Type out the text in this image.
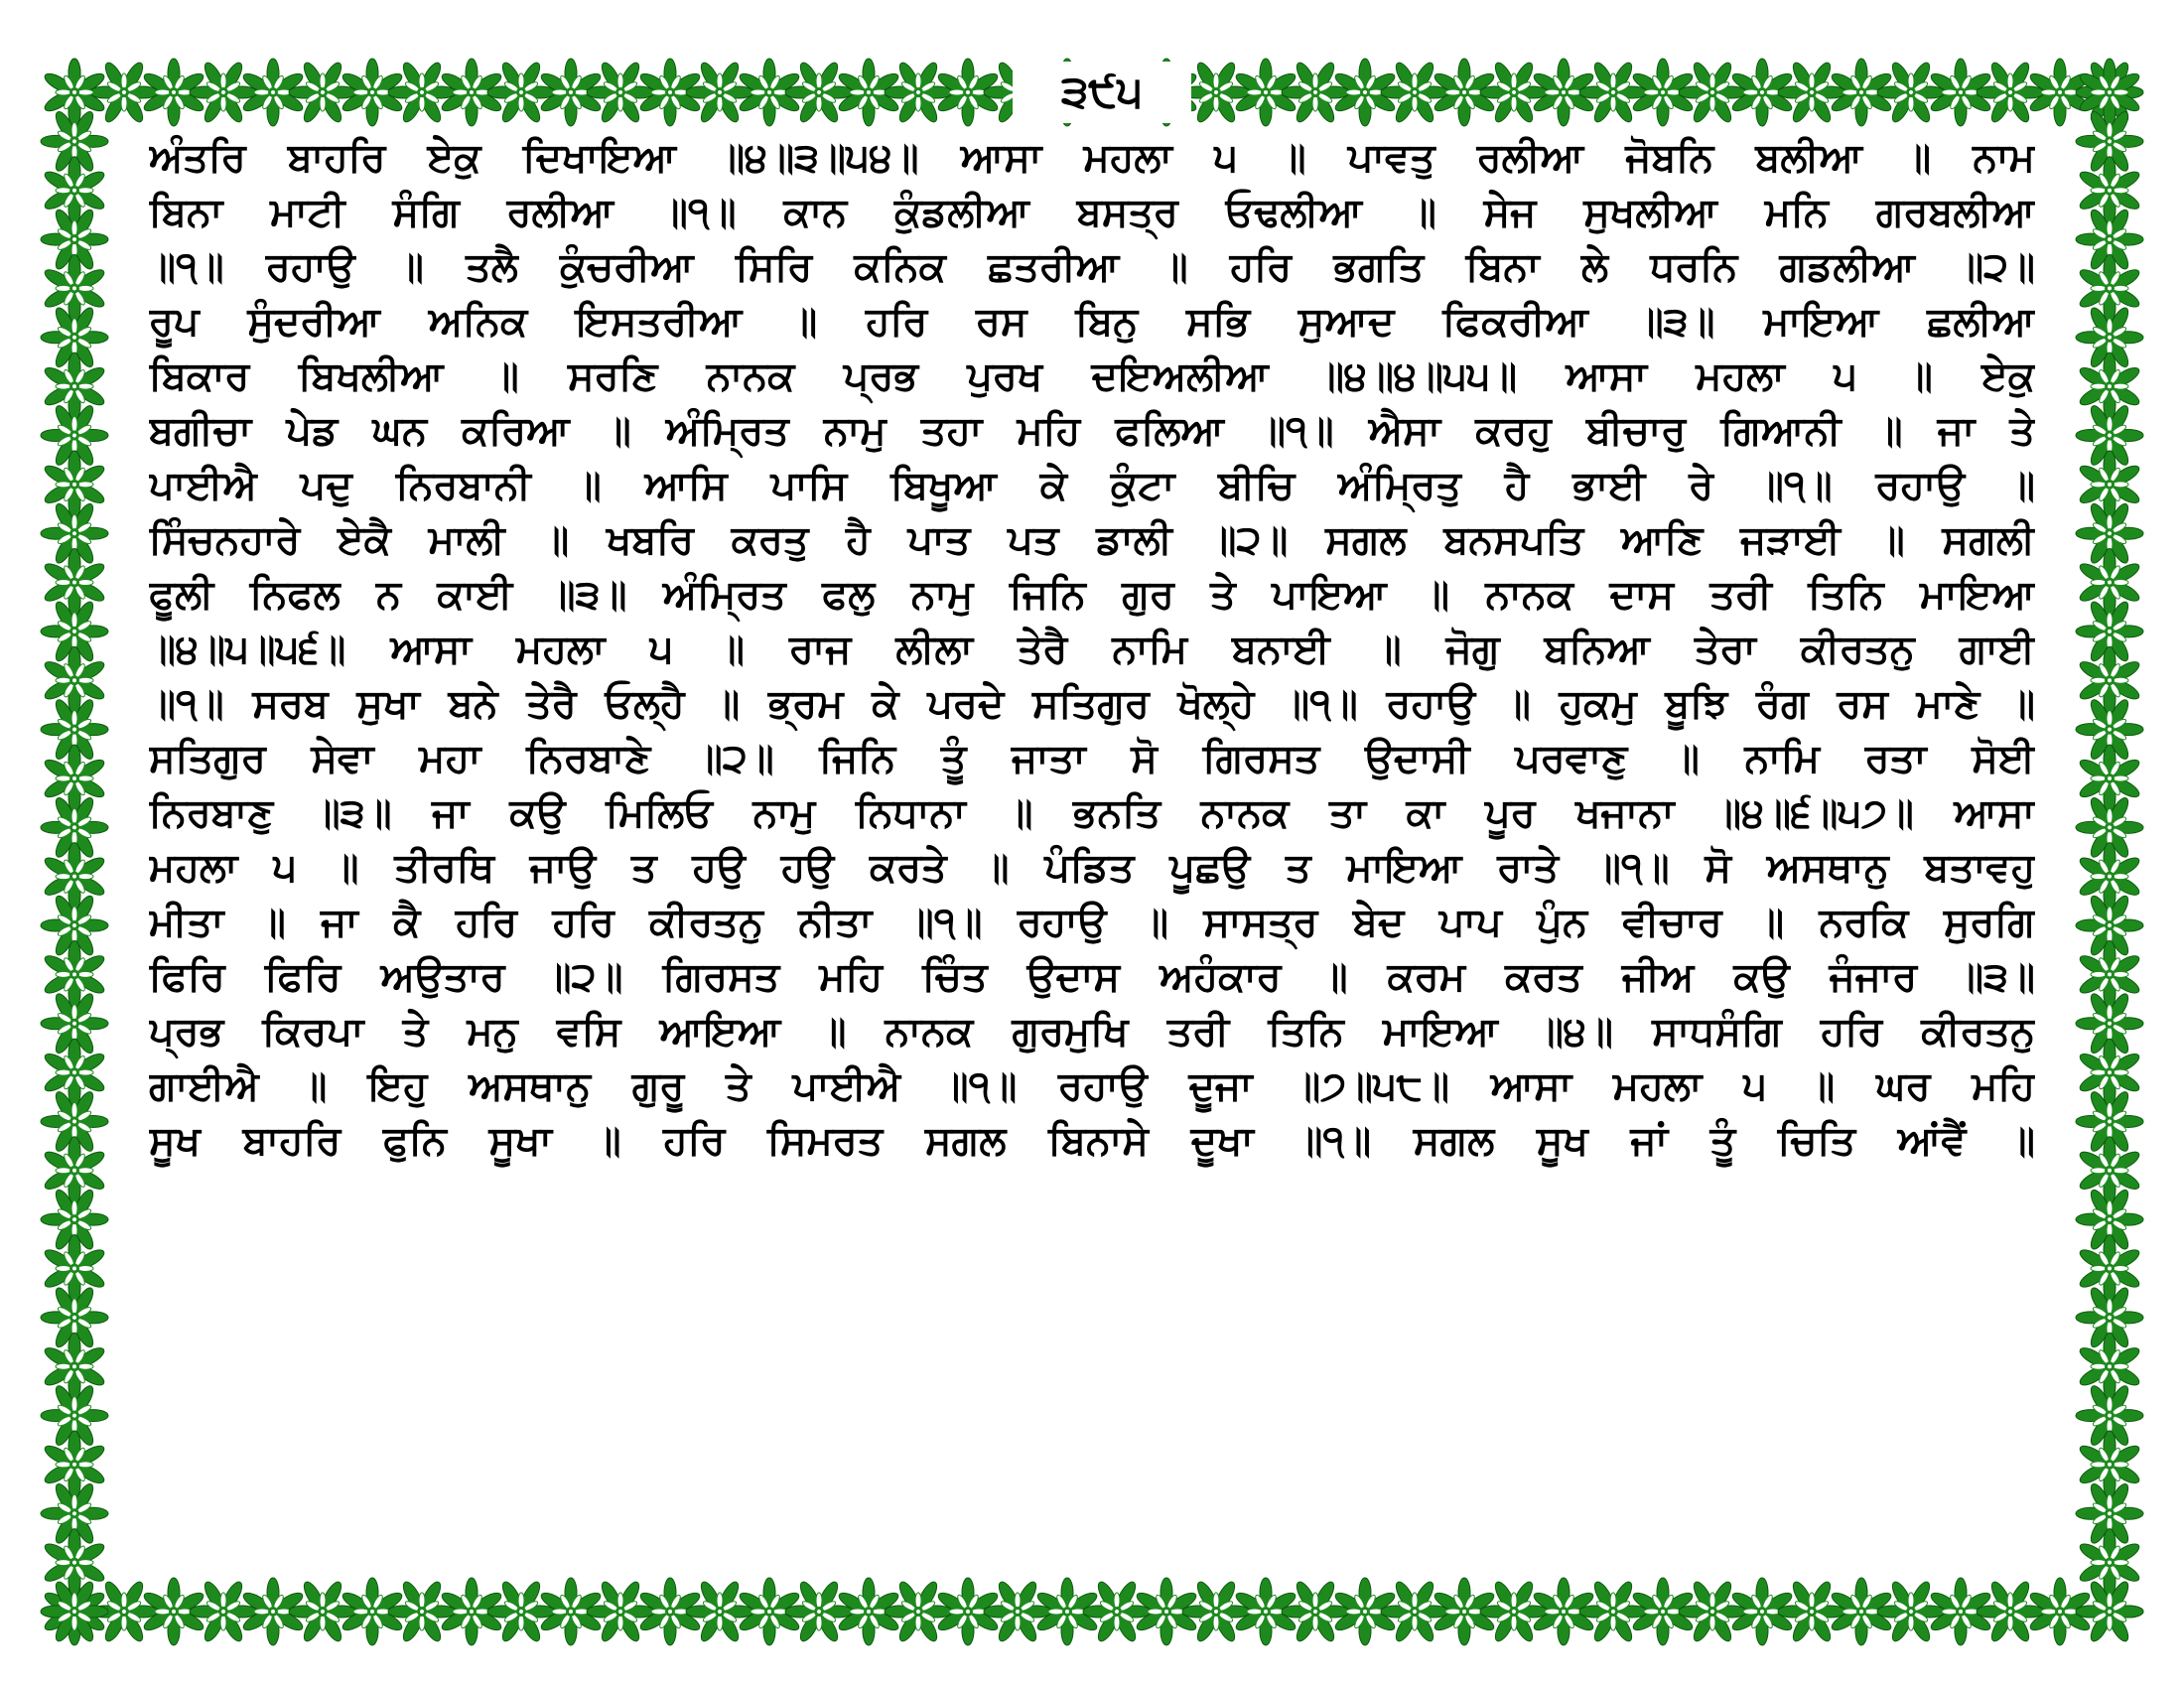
੩੯੫
ਅੰਤਰਿ ਬਾਹਰਿ ਏਕੁ ਦਿਖਾਇਆ ॥੪॥੩॥੫੪॥ ਆਸਾ ਮਹਲਾ ੫ ॥ ਪਾਵਤੁ ਰਲੀਆ ਜੋਬਨਿ ਬਲੀਆ ॥ ਨਾਮ
ਬਿਨਾ ਮਾਟੀ ਸੰਗਿ ਰਲੀਆ ॥੧॥ ਕਾਨ ਕੁੰਡਲੀਆ ਬਸਤ੍ਰ ਓਢਲੀਆ ॥ ਸੇਜ ਸੁਖਲੀਆ ਮਨਿ ਗਰਬਲੀਆ
॥੧॥ ਰਹਾਉ ॥ ਤਲੈ ਕੁੰਚਰੀਆ ਸਿਰਿ ਕਨਿਕ ਛਤਰੀਆ ॥ ਹਰਿ ਭਗਤਿ ਬਿਨਾ ਲੇ ਧਰਨਿ ਗਡਲੀਆ ॥੨॥
ਰੂਪ ਸੁੰਦਰੀਆ ਅਨਿਕ ਇਸਤਰੀਆ ॥ ਹਰਿ ਰਸ ਬਿਨੁ ਸਭਿ ਸੁਆਦ ਫਿਕਰੀਆ ॥੩॥ ਮਾਇਆ ਛਲੀਆ
ਬਿਕਾਰ ਬਿਖਲੀਆ ॥ ਸਰਣਿ ਨਾਨਕ ਪ੍ਰਭ ਪੁਰਖ ਦਇਅਲੀਆ ॥੪॥੪॥੫੫॥ ਆਸਾ ਮਹਲਾ ੫ ॥ ਏਕੁ
ਬਗੀਚਾ ਪੇਡ ਘਨ ਕਰਿਆ ॥ ਅੰਮ੍ਰਿਤ ਨਾਮੁ ਤਹਾ ਮਹਿ ਫਲਿਆ ॥੧॥ ਐਸਾ ਕਰਹੁ ਬੀਚਾਰੁ ਗਿਆਨੀ ॥ ਜਾ ਤੇ
ਪਾਈਐ ਪਦੁ ਨਿਰਬਾਨੀ ॥ ਆਸਿ ਪਾਸਿ ਬਿਖੂਆ ਕੇ ਕੁੰਟਾ ਬੀਚਿ ਅੰਮ੍ਰਿਤੁ ਹੈ ਭਾਈ ਰੇ ॥੧॥ ਰਹਾਉ ॥
ਸਿੰਚਨਹਾਰੇ ਏਕੈ ਮਾਲੀ ॥ ਖਬਰਿ ਕਰਤੁ ਹੈ ਪਾਤ ਪਤ ਡਾਲੀ ॥੨॥ ਸਗਲ ਬਨਸਪਤਿ ਆਣਿ ਜੜਾਈ ॥ ਸਗਲੀ
ਫੂਲੀ ਨਿਫਲ ਨ ਕਾਈ ॥੩॥ ਅੰਮ੍ਰਿਤ ਫਲੁ ਨਾਮੁ ਜਿਨਿ ਗੁਰ ਤੇ ਪਾਇਆ ॥ ਨਾਨਕ ਦਾਸ ਤਰੀ ਤਿਨਿ ਮਾਇਆ
॥੪॥੫॥੫੬॥ ਆਸਾ ਮਹਲਾ ੫ ॥ ਰਾਜ ਲੀਲਾ ਤੇਰੈ ਨਾਮਿ ਬਨਾਈ ॥ ਜੋਗੁ ਬਨਿਆ ਤੇਰਾ ਕੀਰਤਨੁ ਗਾਈ
॥੧॥ ਸਰਬ ਸੁਖਾ ਬਨੇ ਤੇਰੈ ਓਲ੍ਹੈ ॥ ਭ੍ਰਮ ਕੇ ਪਰਦੇ ਸਤਿਗੁਰ ਖੋਲ੍ਹੇ ॥੧॥ ਰਹਾਉ ॥ ਹੁਕਮੁ ਬੂਝਿ ਰੰਗ ਰਸ ਮਾਣੇ ॥
ਸਤਿਗੁਰ ਸੇਵਾ ਮਹਾ ਨਿਰਬਾਣੇ ॥੨॥ ਜਿਨਿ ਤੂੰ ਜਾਤਾ ਸੋ ਗਿਰਸਤ ਉਦਾਸੀ ਪਰਵਾਣੁ ॥ ਨਾਮਿ ਰਤਾ ਸੋਈ
ਨਿਰਬਾਣੁ ॥੩॥ ਜਾ ਕਉ ਮਿਲਿਓ ਨਾਮੁ ਨਿਧਾਨਾ ॥ ਭਨਤਿ ਨਾਨਕ ਤਾ ਕਾ ਪੂਰ ਖਜਾਨਾ ॥੪॥੬॥੫੭॥ ਆਸਾ
ਮਹਲਾ ੫ ॥ ਤੀਰਥਿ ਜਾਉ ਤ ਹਉ ਹਉ ਕਰਤੇ ॥ ਪੰਡਿਤ ਪੂਛਉ ਤ ਮਾਇਆ ਰਾਤੇ ॥੧॥ ਸੋ ਅਸਥਾਨੁ ਬਤਾਵਹੁ
ਮੀਤਾ ॥ ਜਾ ਕੈ ਹਰਿ ਹਰਿ ਕੀਰਤਨੁ ਨੀਤਾ ॥੧॥ ਰਹਾਉ ॥ ਸਾਸਤ੍ਰ ਬੇਦ ਪਾਪ ਪੁੰਨ ਵੀਚਾਰ ॥ ਨਰਕਿ ਸੁਰਗਿ
ਫਿਰਿ ਫਿਰਿ ਅਉਤਾਰ ॥੨॥ ਗਿਰਸਤ ਮਹਿ ਚਿੰਤ ਉਦਾਸ ਅਹੰਕਾਰ ॥ ਕਰਮ ਕਰਤ ਜੀਅ ਕਉ ਜੰਜਾਰ ॥੩॥
ਪ੍ਰਭ ਕਿਰਪਾ ਤੇ ਮਨੁ ਵਸਿ ਆਇਆ ॥ ਨਾਨਕ ਗੁਰਮੁਖਿ ਤਰੀ ਤਿਨਿ ਮਾਇਆ ॥੪॥ ਸਾਧਸੰਗਿ ਹਰਿ ਕੀਰਤਨੁ
ਗਾਈਐ ॥ ਇਹੁ ਅਸਥਾਨੁ ਗੁਰੂ ਤੇ ਪਾਈਐ ॥੧॥ ਰਹਾਉ ਦੂਜਾ ॥੭॥੫੮॥ ਆਸਾ ਮਹਲਾ ੫ ॥ ਘਰ ਮਹਿ
ਸੂਖ ਬਾਹਰਿ ਫੁਨਿ ਸੂਖਾ ॥ ਹਰਿ ਸਿਮਰਤ ਸਗਲ ਬਿਨਾਸੇ ਦੂਖਾ ॥੧॥ ਸਗਲ ਸੂਖ ਜਾਂ ਤੂੰ ਚਿਤਿ ਆਂਵੈਂ ॥
